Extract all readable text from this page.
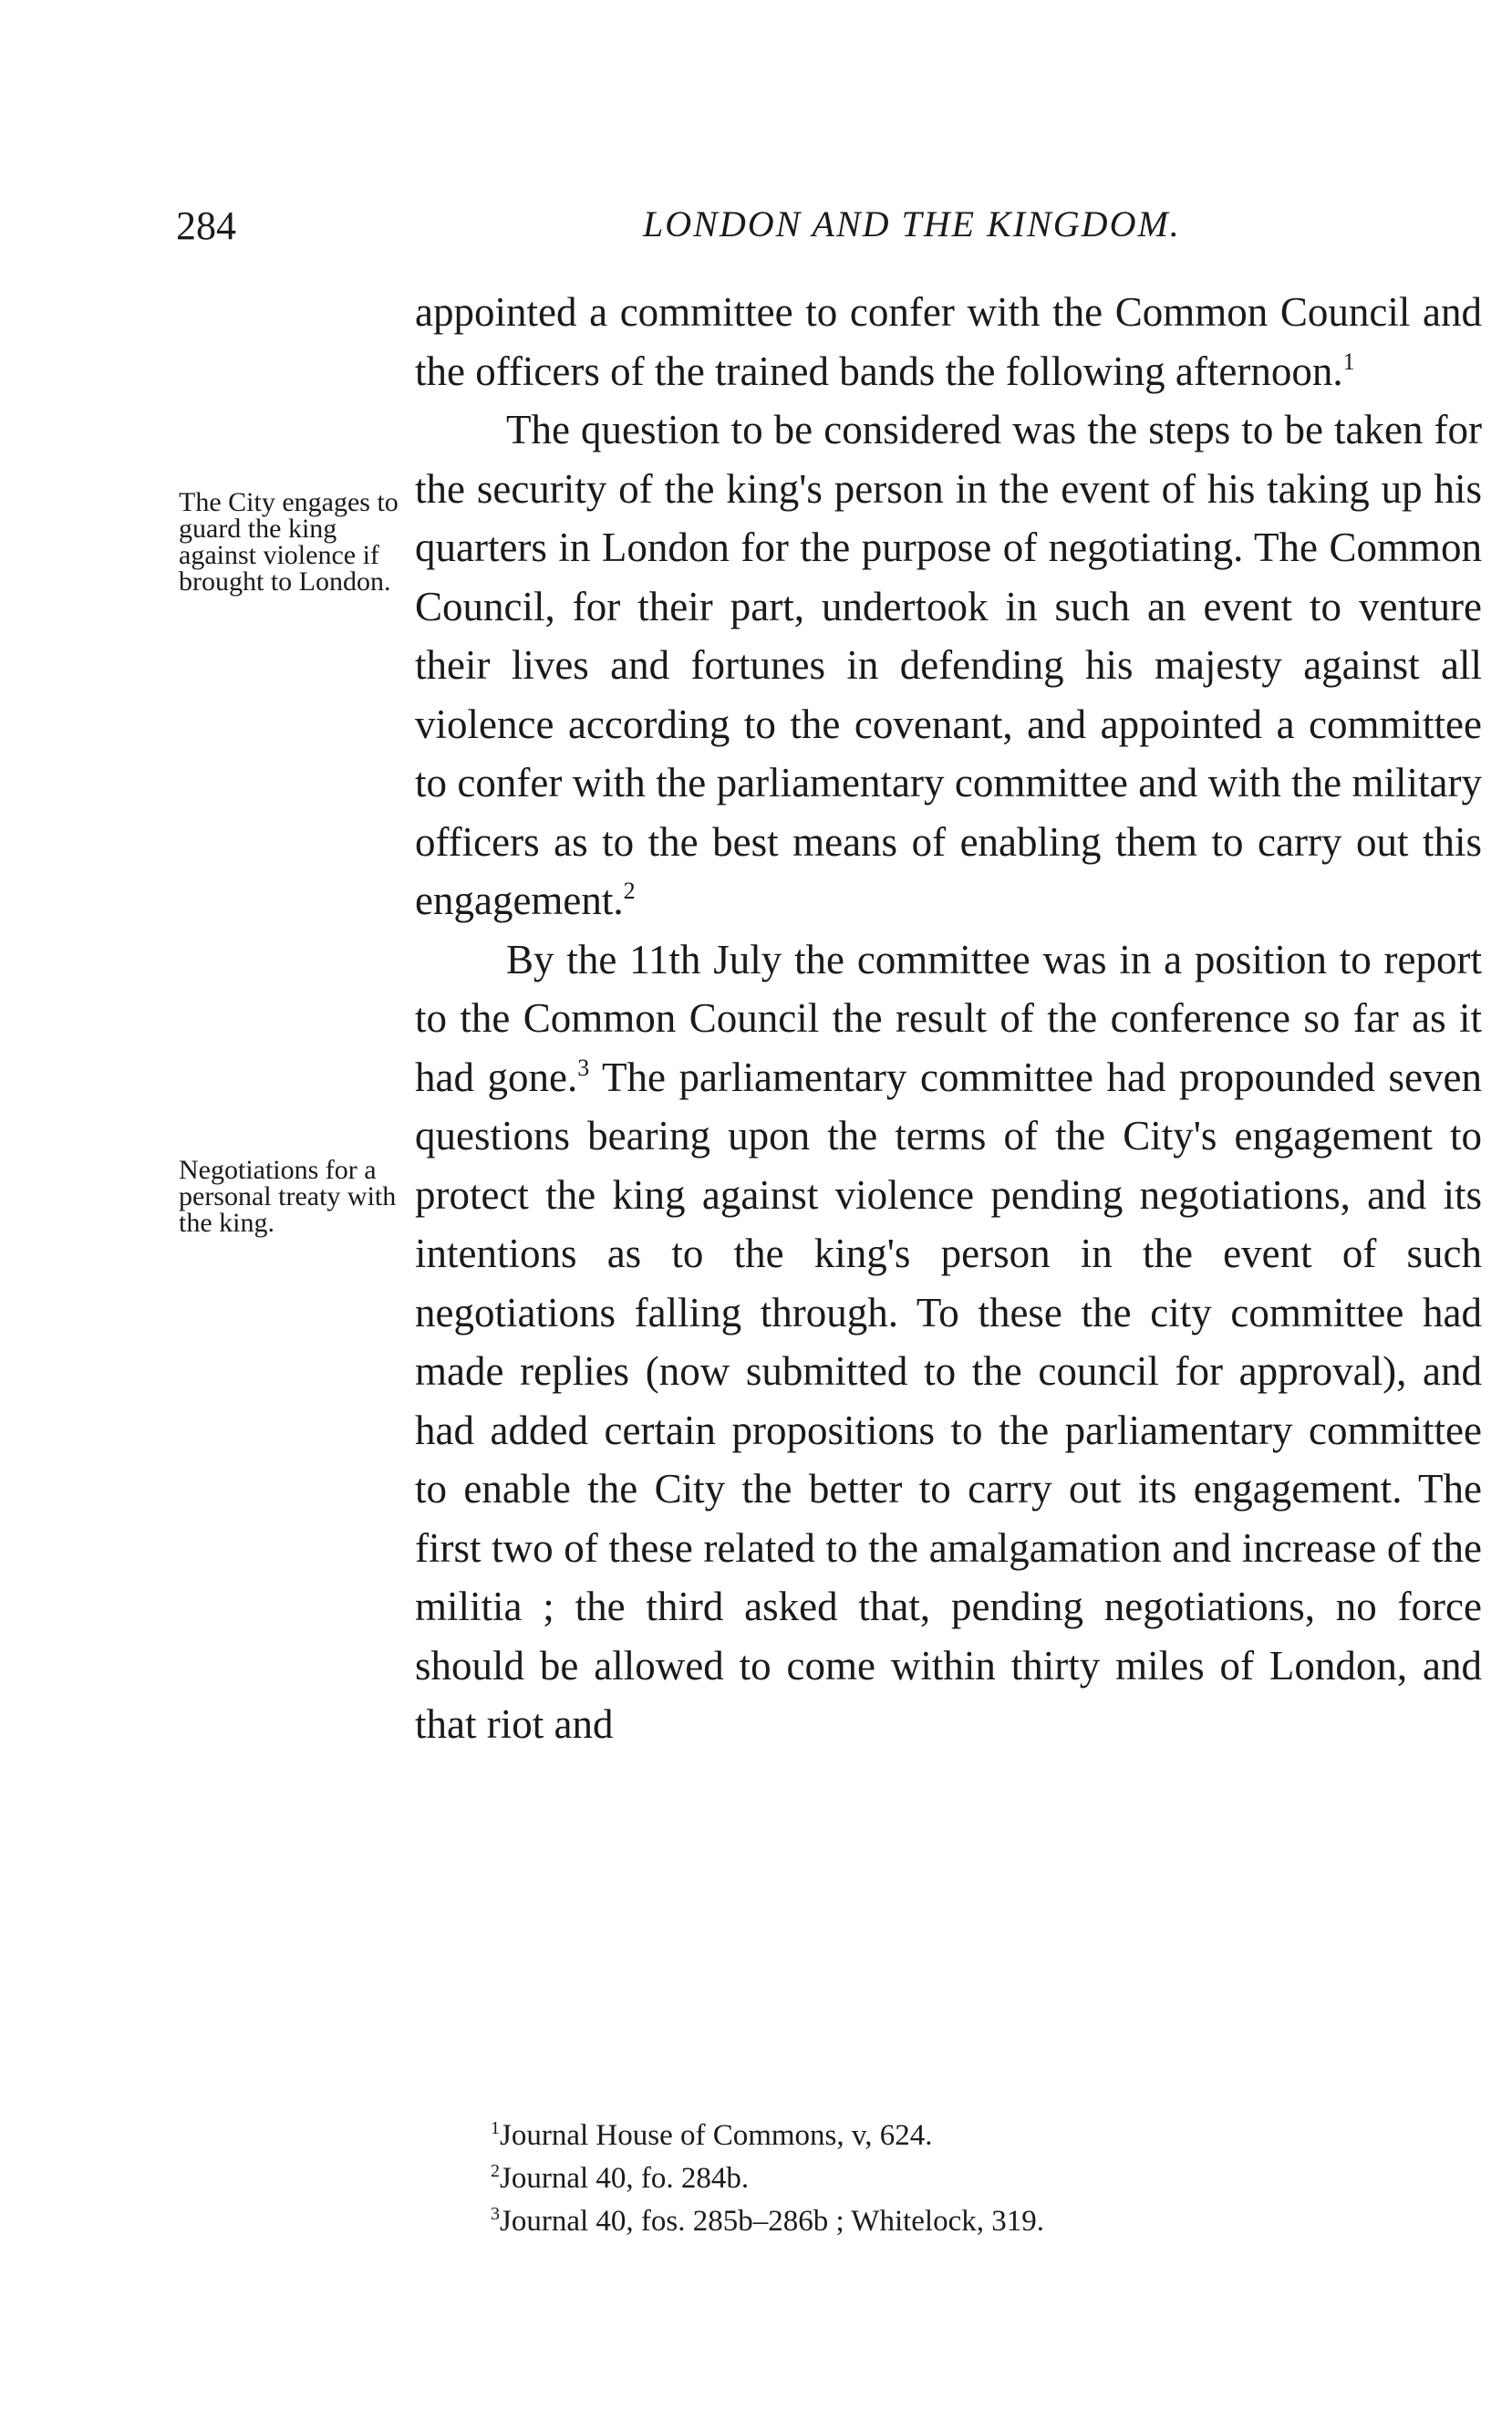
284	LONDON AND THE KINGDOM.
The City engages to guard the king against violence if brought to London.
Negotiations for a personal treaty with the king.

appointed a committee to confer with the Common Council and the officers of the trained bands the following afternoon.$^1$

The question to be considered was the steps to be taken for the security of the king's person in the event of his taking up his quarters in London for the purpose of negotiating. The Common Council, for their part, undertook in such an event to venture their lives and fortunes in defending his majesty against all violence according to the covenant, and appointed a committee to confer with the parliamentary committee and with the military officers as to the best means of enabling them to carry out this engagement.$^2$

By the 11th July the committee was in a position to report to the Common Council the result of the conference so far as it had gone.$^3$ The parliamentary committee had propounded seven questions bearing upon the terms of the City's engagement to protect the king against violence pending negotiations, and its intentions as to the king's person in the event of such negotiations falling through. To these the city committee had made replies (now submitted to the council for approval), and had added certain propositions to the parliamentary committee to enable the City the better to carry out its engagement. The first two of these related to the amalgamation and increase of the militia ; the third asked that, pending negotiations, no force should be allowed to come within thirty miles of London, and that riot and

$^1$Journal House of Commons, v, 624.
$^2$Journal 40, fo. 284b.
$^3$Journal 40, fos. 285b–286b ; Whitelock, 319.
